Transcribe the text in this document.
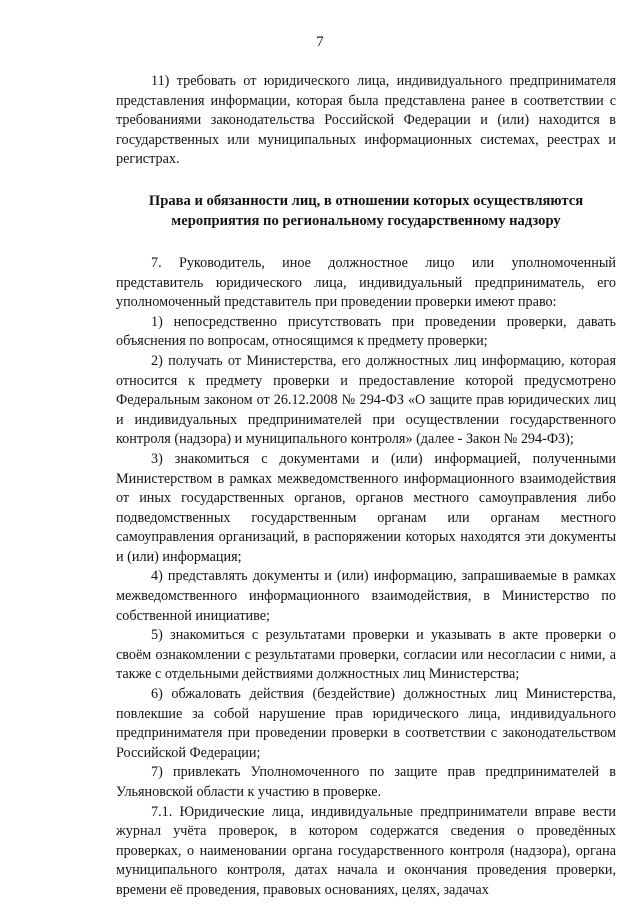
7

11) требовать от юридического лица, индивидуального предпринимателя представления информации, которая была представлена ранее в соответствии с требованиями законодательства Российской Федерации и (или) находится в государственных или муниципальных информационных системах, реестрах и регистрах.

Права и обязанности лиц, в отношении которых осуществляются мероприятия по региональному государственному надзору

7. Руководитель, иное должностное лицо или уполномоченный представитель юридического лица, индивидуальный предприниматель, его уполномоченный представитель при проведении проверки имеют право:

1) непосредственно присутствовать при проведении проверки, давать объяснения по вопросам, относящимся к предмету проверки;

2) получать от Министерства, его должностных лиц информацию, которая относится к предмету проверки и предоставление которой предусмотрено Федеральным законом от 26.12.2008 № 294-ФЗ «О защите прав юридических лиц и индивидуальных предпринимателей при осуществлении государственного контроля (надзора) и муниципального контроля» (далее - Закон № 294-ФЗ);

3) знакомиться с документами и (или) информацией, полученными Министерством в рамках межведомственного информационного взаимодействия от иных государственных органов, органов местного самоуправления либо подведомственных государственным органам или органам местного самоуправления организаций, в распоряжении которых находятся эти документы и (или) информация;

4) представлять документы и (или) информацию, запрашиваемые в рамках межведомственного информационного взаимодействия, в Министерство по собственной инициативе;

5) знакомиться с результатами проверки и указывать в акте проверки о своём ознакомлении с результатами проверки, согласии или несогласии с ними, а также с отдельными действиями должностных лиц Министерства;

6) обжаловать действия (бездействие) должностных лиц Министерства, повлекшие за собой нарушение прав юридического лица, индивидуального предпринимателя при проведении проверки в соответствии с законодательством Российской Федерации;

7) привлекать Уполномоченного по защите прав предпринимателей в Ульяновской области к участию в проверке.

7.1. Юридические лица, индивидуальные предприниматели вправе вести журнал учёта проверок, в котором содержатся сведения о проведённых проверках, о наименовании органа государственного контроля (надзора), органа муниципального контроля, датах начала и окончания проведения проверки, времени её проведения, правовых основаниях, целях, задачах
